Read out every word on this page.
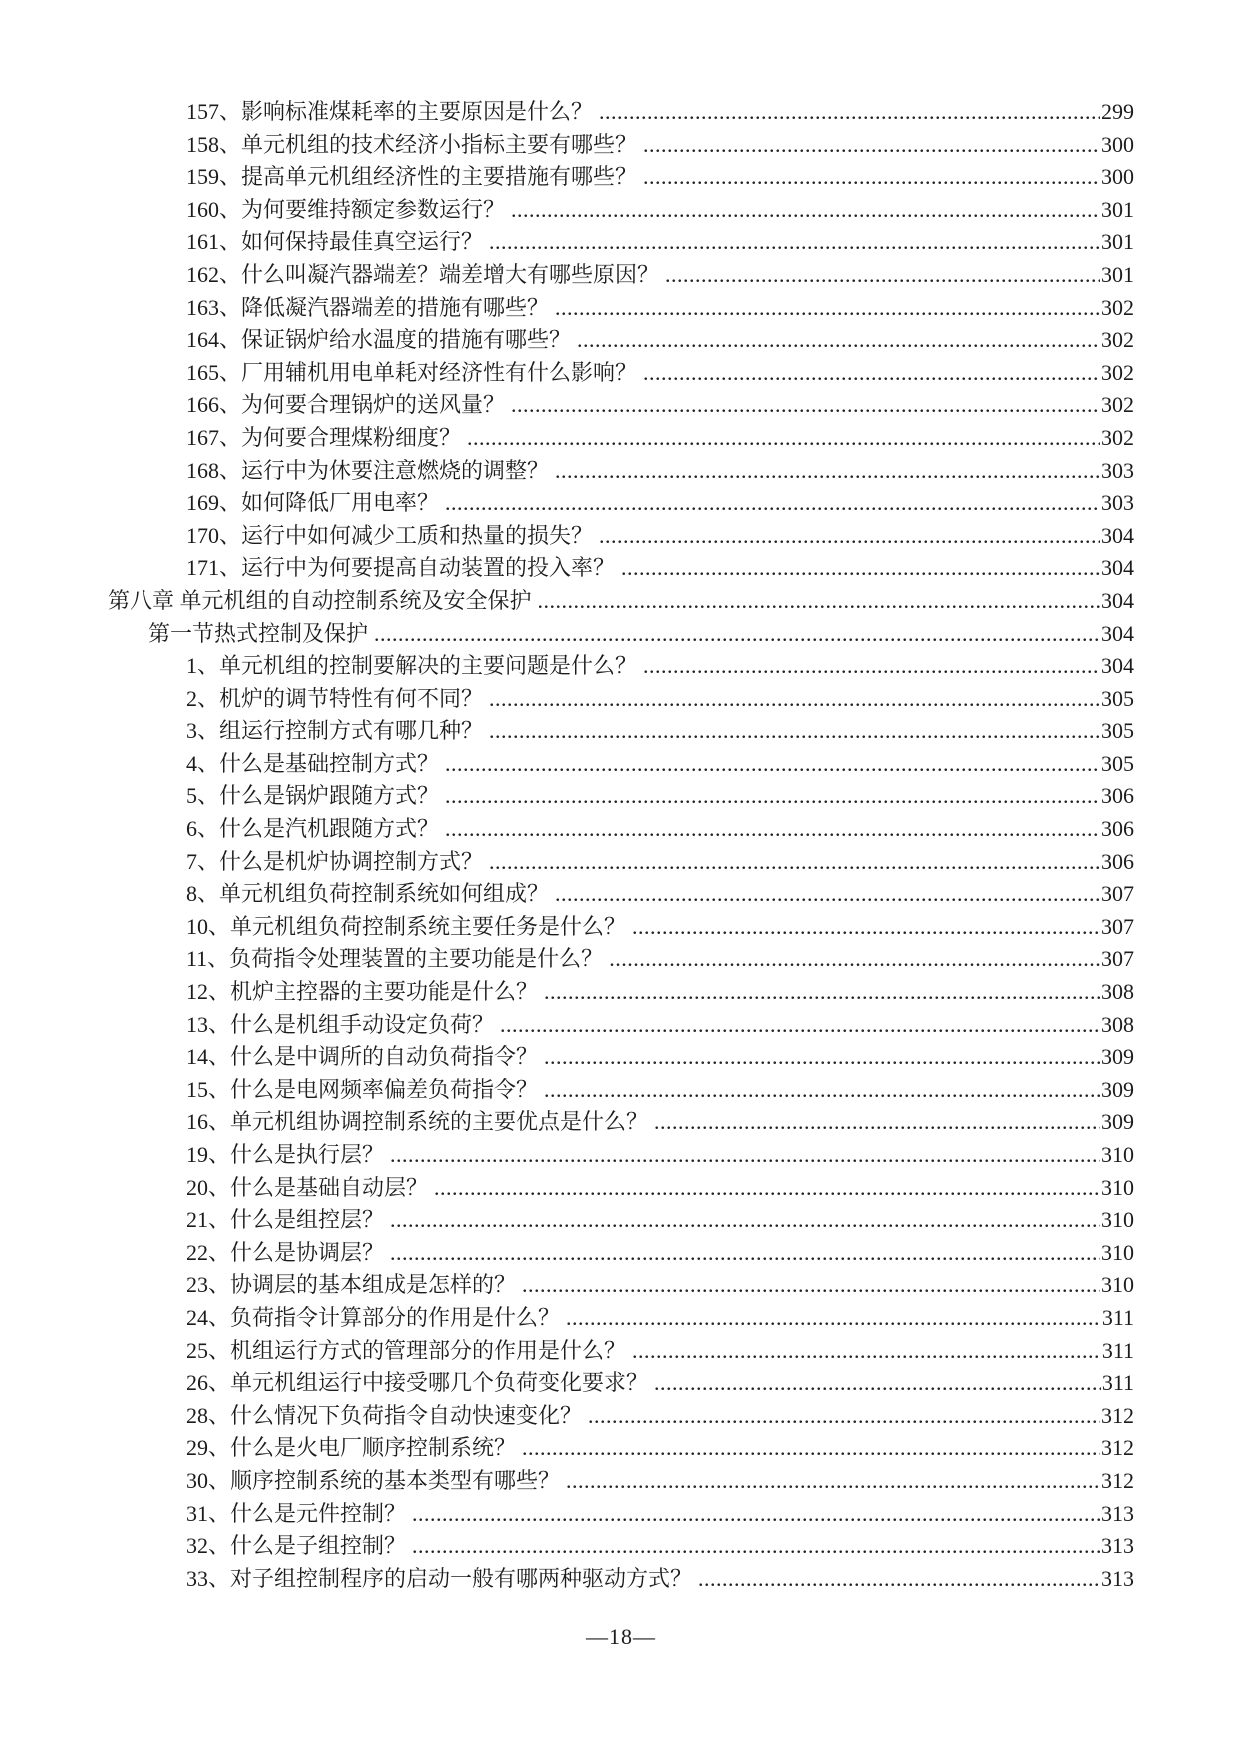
157、影响标准煤耗率的主要原因是什么？ .....	299
158、单元机组的技术经济小指标主要有哪些？ .....	300
159、提高单元机组经济性的主要措施有哪些？ .....	300
160、为何要维持额定参数运行？ .....	301
161、如何保持最佳真空运行？ .....	301
162、什么叫凝汽器端差？端差增大有哪些原因？ .....	301
163、降低凝汽器端差的措施有哪些？ .....	302
164、保证锅炉给水温度的措施有哪些？ .....	302
165、厂用辅机用电单耗对经济性有什么影响？ .....	302
166、为何要合理锅炉的送风量？ .....	302
167、为何要合理煤粉细度？ .....	302
168、运行中为休要注意燃烧的调整？ .....	303
169、如何降低厂用电率？ .....	303
170、运行中如何减少工质和热量的损失？ .....	304
171、运行中为何要提高自动装置的投入率？ .....	304
第八章 单元机组的自动控制系统及安全保护 .....	304
第一节热式控制及保护 .....	304
1、单元机组的控制要解决的主要问题是什么？ .....	304
2、机炉的调节特性有何不同？ .....	305
3、组运行控制方式有哪几种？ .....	305
4、什么是基础控制方式？ .....	305
5、什么是锅炉跟随方式？ .....	306
6、什么是汽机跟随方式？ .....	306
7、什么是机炉协调控制方式？ .....	306
8、单元机组负荷控制系统如何组成？ .....	307
10、单元机组负荷控制系统主要任务是什么？ .....	307
11、负荷指令处理装置的主要功能是什么？ .....	307
12、机炉主控器的主要功能是什么？ .....	308
13、什么是机组手动设定负荷？ .....	308
14、什么是中调所的自动负荷指令？ .....	309
15、什么是电网频率偏差负荷指令？ .....	309
16、单元机组协调控制系统的主要优点是什么？ .....	309
19、什么是执行层？ .....	310
20、什么是基础自动层？ .....	310
21、什么是组控层？ .....	310
22、什么是协调层？ .....	310
23、协调层的基本组成是怎样的？ .....	310
24、负荷指令计算部分的作用是什么？ .....	311
25、机组运行方式的管理部分的作用是什么？ .....	311
26、单元机组运行中接受哪几个负荷变化要求？ .....	311
28、什么情况下负荷指令自动快速变化？ .....	312
29、什么是火电厂顺序控制系统？ .....	312
30、顺序控制系统的基本类型有哪些？ .....	312
31、什么是元件控制？ .....	313
32、什么是子组控制？ .....	313
33、对子组控制程序的启动一般有哪两种驱动方式？ .....	313
—18—
